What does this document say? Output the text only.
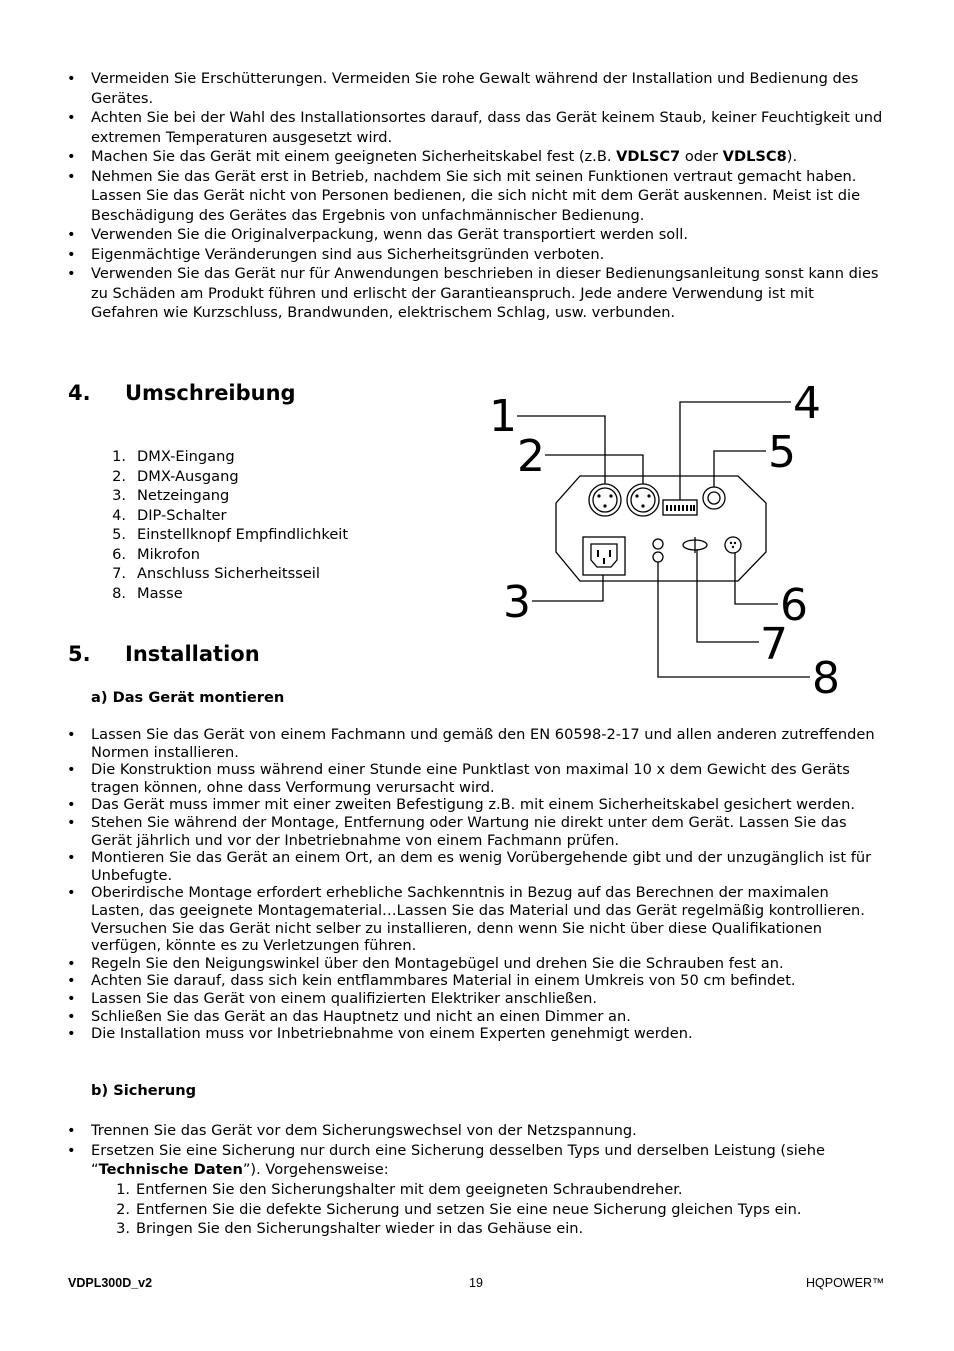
• Vermeiden Sie Erschütterungen. Vermeiden Sie rohe Gewalt während der Installation und Bedienung des Gerätes.
• Achten Sie bei der Wahl des Installationsortes darauf, dass das Gerät keinem Staub, keiner Feuchtigkeit und extremen Temperaturen ausgesetzt wird.
• Machen Sie das Gerät mit einem geeigneten Sicherheitskabel fest (z.B. VDLSC7 oder VDLSC8).
• Nehmen Sie das Gerät erst in Betrieb, nachdem Sie sich mit seinen Funktionen vertraut gemacht haben. Lassen Sie das Gerät nicht von Personen bedienen, die sich nicht mit dem Gerät auskennen. Meist ist die Beschädigung des Gerätes das Ergebnis von unfachmännischer Bedienung.
• Verwenden Sie die Originalverpackung, wenn das Gerät transportiert werden soll.
• Eigenmächtige Veränderungen sind aus Sicherheitsgründen verboten.
• Verwenden Sie das Gerät nur für Anwendungen beschrieben in dieser Bedienungsanleitung sonst kann dies zu Schäden am Produkt führen und erlischt der Garantieanspruch. Jede andere Verwendung ist mit Gefahren wie Kurzschluss, Brandwunden, elektrischem Schlag, usw. verbunden.
4. Umschreibung
1. DMX-Eingang
2. DMX-Ausgang
3. Netzeingang
4. DIP-Schalter
5. Einstellknopf Empfindlichkeit
6. Mikrofon
7. Anschluss Sicherheitsseil
8. Masse
1
2
3
4
5
6
7
8
5. Installation
a) Das Gerät montieren
• Lassen Sie das Gerät von einem Fachmann und gemäß den EN 60598-2-17 und allen anderen zutreffenden Normen installieren.
• Die Konstruktion muss während einer Stunde eine Punktlast von maximal 10 x dem Gewicht des Geräts tragen können, ohne dass Verformung verursacht wird.
• Das Gerät muss immer mit einer zweiten Befestigung z.B. mit einem Sicherheitskabel gesichert werden.
• Stehen Sie während der Montage, Entfernung oder Wartung nie direkt unter dem Gerät. Lassen Sie das Gerät jährlich und vor der Inbetriebnahme von einem Fachmann prüfen.
• Montieren Sie das Gerät an einem Ort, an dem es wenig Vorübergehende gibt und der unzugänglich ist für Unbefugte.
• Oberirdische Montage erfordert erhebliche Sachkenntnis in Bezug auf das Berechnen der maximalen Lasten, das geeignete Montagematerial…Lassen Sie das Material und das Gerät regelmäßig kontrollieren. Versuchen Sie das Gerät nicht selber zu installieren, denn wenn Sie nicht über diese Qualifikationen verfügen, könnte es zu Verletzungen führen.
• Regeln Sie den Neigungswinkel über den Montagebügel und drehen Sie die Schrauben fest an.
• Achten Sie darauf, dass sich kein entflammbares Material in einem Umkreis von 50 cm befindet.
• Lassen Sie das Gerät von einem qualifizierten Elektriker anschließen.
• Schließen Sie das Gerät an das Hauptnetz und nicht an einen Dimmer an.
• Die Installation muss vor Inbetriebnahme von einem Experten genehmigt werden.
b) Sicherung
• Trennen Sie das Gerät vor dem Sicherungswechsel von der Netzspannung.
• Ersetzen Sie eine Sicherung nur durch eine Sicherung desselben Typs und derselben Leistung (siehe “Technische Daten”). Vorgehensweise:
1. Entfernen Sie den Sicherungshalter mit dem geeigneten Schraubendreher.
2. Entfernen Sie die defekte Sicherung und setzen Sie eine neue Sicherung gleichen Typs ein.
3. Bringen Sie den Sicherungshalter wieder in das Gehäuse ein.
VDPL300D_v2	19	HQPOWER™
